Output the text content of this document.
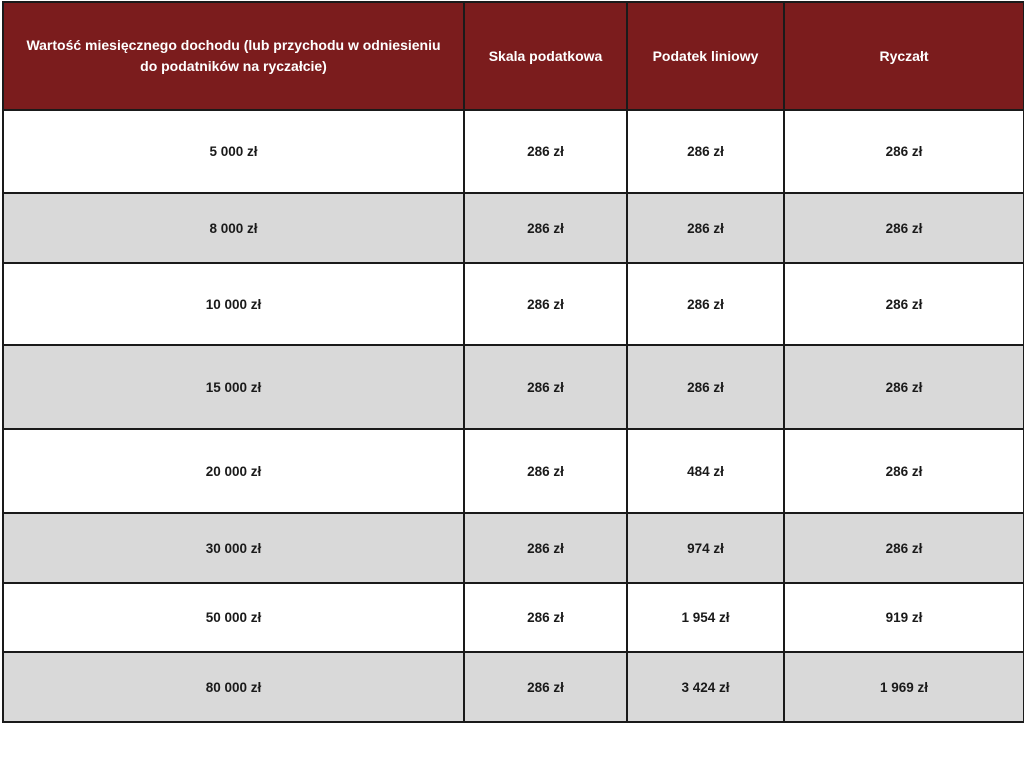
Wartość miesięcznego dochodu (lub przychodu w odniesieniu do podatników na ryczałcie)	Skala podatkowa	Podatek liniowy	Ryczałt
5 000 zł	286 zł	286 zł	286 zł
8 000 zł	286 zł	286 zł	286 zł
10 000 zł	286 zł	286 zł	286 zł
15 000 zł	286 zł	286 zł	286 zł
20 000 zł	286 zł	484 zł	286 zł
30 000 zł	286 zł	974 zł	286 zł
50 000 zł	286 zł	1 954 zł	919 zł
80 000 zł	286 zł	3 424 zł	1 969 zł
